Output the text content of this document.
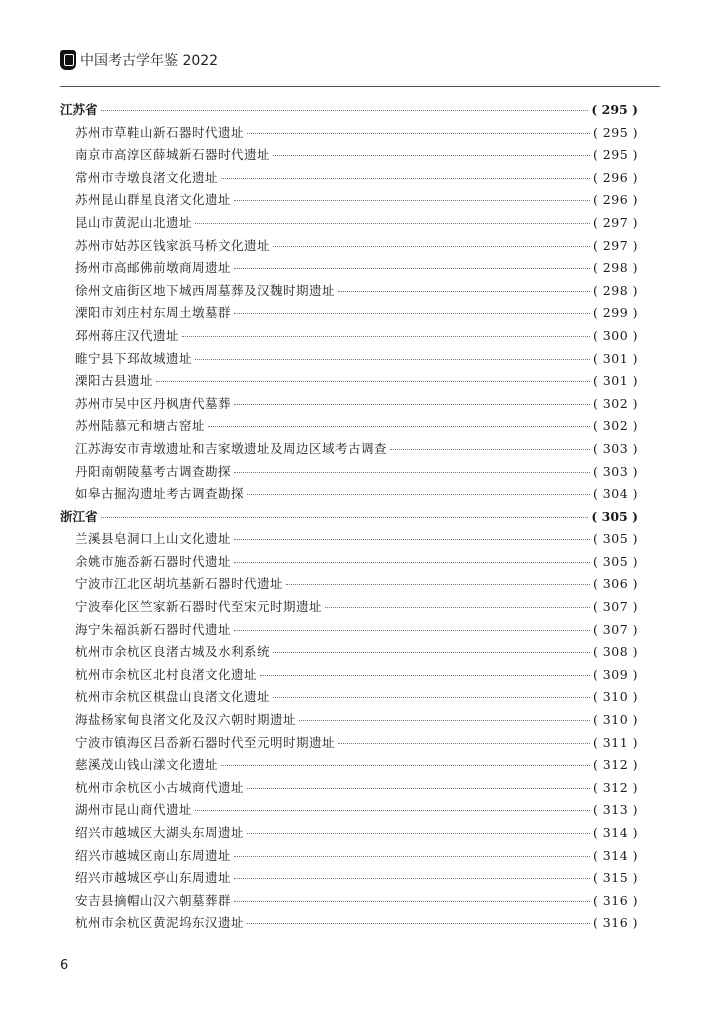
中国考古学年鉴 2022
江苏省	( 295 )
苏州市草鞋山新石器时代遗址	( 295 )
南京市高淳区薛城新石器时代遗址	( 295 )
常州市寺墩良渚文化遗址	( 296 )
苏州昆山群星良渚文化遗址	( 296 )
昆山市黄泥山北遗址	( 297 )
苏州市姑苏区钱家浜马桥文化遗址	( 297 )
扬州市高邮佛前墩商周遗址	( 298 )
徐州文庙街区地下城西周墓葬及汉魏时期遗址	( 298 )
溧阳市刘庄村东周土墩墓群	( 299 )
邳州蒋庄汉代遗址	( 300 )
睢宁县下邳故城遗址	( 301 )
溧阳古县遗址	( 301 )
苏州市吴中区丹枫唐代墓葬	( 302 )
苏州陆慕元和塘古窑址	( 302 )
江苏海安市青墩遗址和吉家墩遗址及周边区域考古调查	( 303 )
丹阳南朝陵墓考古调查勘探	( 303 )
如皋古掘沟遗址考古调查勘探	( 304 )
浙江省	( 305 )
兰溪县皂洞口上山文化遗址	( 305 )
余姚市施岙新石器时代遗址	( 305 )
宁波市江北区胡坑基新石器时代遗址	( 306 )
宁波奉化区竺家新石器时代至宋元时期遗址	( 307 )
海宁朱福浜新石器时代遗址	( 307 )
杭州市余杭区良渚古城及水利系统	( 308 )
杭州市余杭区北村良渚文化遗址	( 309 )
杭州市余杭区棋盘山良渚文化遗址	( 310 )
海盐杨家甸良渚文化及汉六朝时期遗址	( 310 )
宁波市镇海区吕岙新石器时代至元明时期遗址	( 311 )
慈溪茂山钱山漾文化遗址	( 312 )
杭州市余杭区小古城商代遗址	( 312 )
湖州市昆山商代遗址	( 313 )
绍兴市越城区大湖头东周遗址	( 314 )
绍兴市越城区南山东周遗址	( 314 )
绍兴市越城区亭山东周遗址	( 315 )
安吉县摘帽山汉六朝墓葬群	( 316 )
杭州市余杭区黄泥坞东汉遗址	( 316 )
6
